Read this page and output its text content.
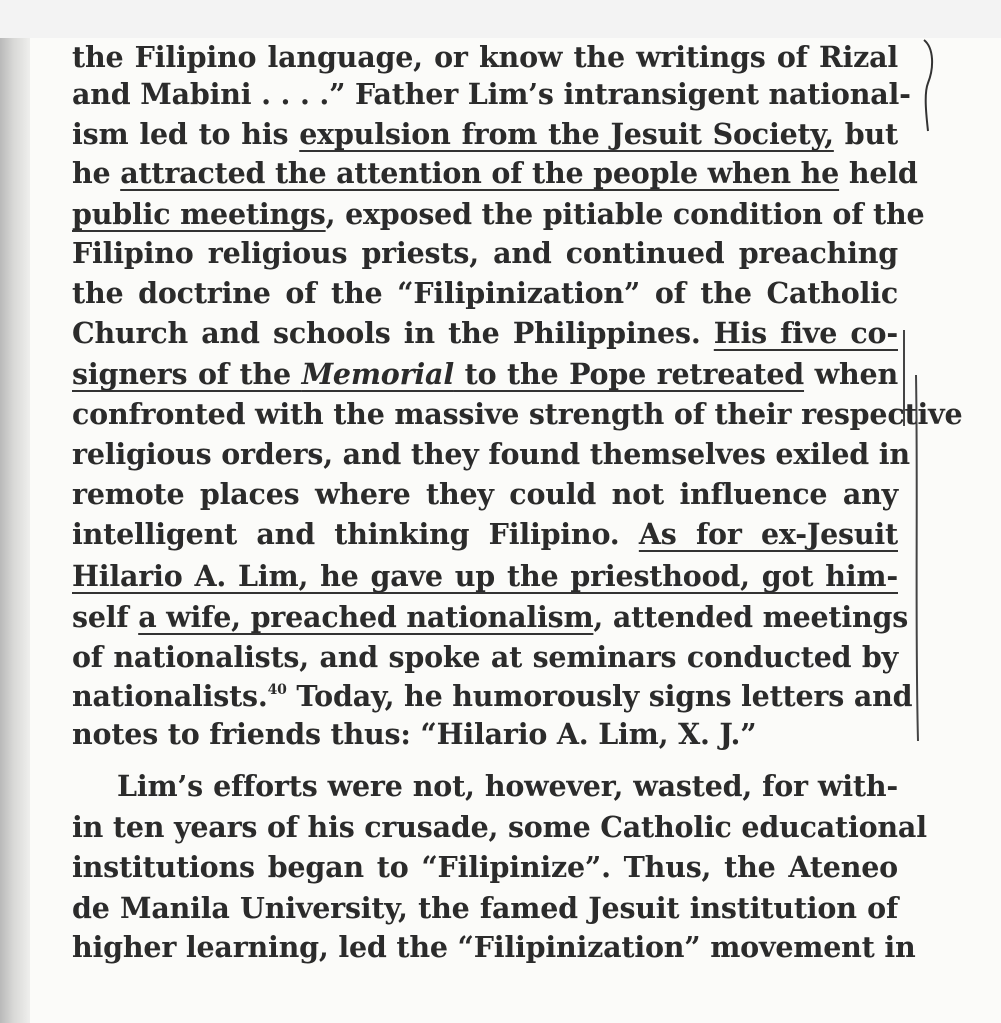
the Filipino language, or know the writings of Rizal
and Mabini . . . .” Father Lim’s intransigent national-
ism led to his expulsion from the Jesuit Society, but
he attracted the attention of the people when he held
public meetings, exposed the pitiable condition of the
Filipino religious priests, and continued preaching
the doctrine of the “Filipinization” of the Catholic
Church and schools in the Philippines. His five co-
signers of the Memorial to the Pope retreated when
confronted with the massive strength of their respective
religious orders, and they found themselves exiled in
remote places where they could not influence any
intelligent and thinking Filipino. As for ex-Jesuit
Hilario A. Lim, he gave up the priesthood, got him-
self a wife, preached nationalism, attended meetings
of nationalists, and spoke at seminars conducted by
nationalists.$^{40}$ Today, he humorously signs letters and
notes to friends thus: “Hilario A. Lim, X. J.”
Lim’s efforts were not, however, wasted, for with-
in ten years of his crusade, some Catholic educational
institutions began to “Filipinize”. Thus, the Ateneo
de Manila University, the famed Jesuit institution of
higher learning, led the “Filipinization” movement in
